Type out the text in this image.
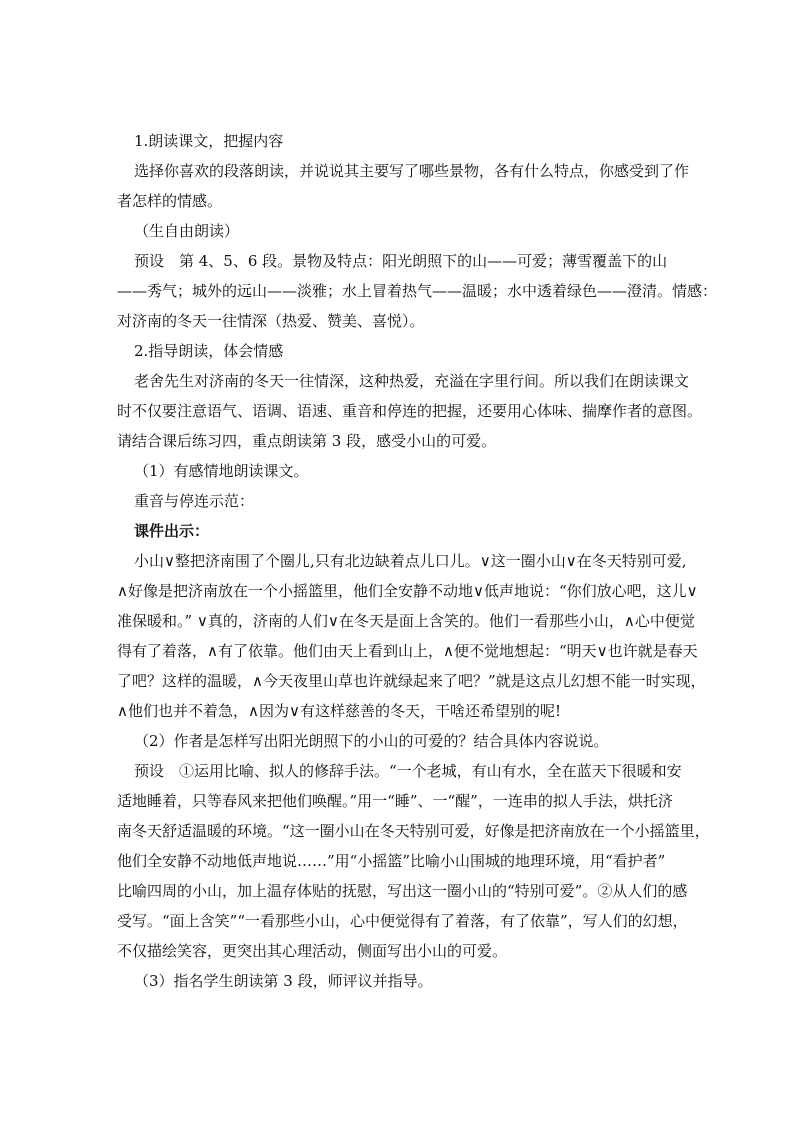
1.朗读课文，把握内容
选择你喜欢的段落朗读，并说说其主要写了哪些景物，各有什么特点，你感受到了作
者怎样的情感。
（生自由朗读）
预设　第 4、5、6 段。景物及特点：阳光朗照下的山——可爱；薄雪覆盖下的山
——秀气；城外的远山——淡雅；水上冒着热气——温暖；水中透着绿色——澄清。情感：
对济南的冬天一往情深（热爱、赞美、喜悦）。
2.指导朗读，体会情感
老舍先生对济南的冬天一往情深，这种热爱，充溢在字里行间。所以我们在朗读课文
时不仅要注意语气、语调、语速、重音和停连的把握，还要用心体味、揣摩作者的意图。
请结合课后练习四，重点朗读第 3 段，感受小山的可爱。
（1）有感情地朗读课文。
重音与停连示范：
课件出示：
小山∨整把济南围了个圈儿,只有北边缺着点儿口儿。∨这一圈小山∨在冬天特别可爱,
∧好像是把济南放在一个小摇篮里，他们全安静不动地∨低声地说：“你们放心吧，这儿∨
准保暖和。” ∨真的，济南的人们∨在冬天是面上含笑的。他们一看那些小山，∧心中便觉
得有了着落，∧有了依靠。他们由天上看到山上，∧便不觉地想起：“明天∨也许就是春天
了吧？这样的温暖，∧今天夜里山草也许就绿起来了吧？”就是这点儿幻想不能一时实现，
∧他们也并不着急，∧因为∨有这样慈善的冬天，干啥还希望别的呢!
（2）作者是怎样写出阳光朗照下的小山的可爱的？结合具体内容说说。
预设　①运用比喻、拟人的修辞手法。“一个老城，有山有水，全在蓝天下很暖和安
适地睡着，只等春风来把他们唤醒。”用一“睡”、一“醒”，一连串的拟人手法，烘托济
南冬天舒适温暖的环境。“这一圈小山在冬天特别可爱，好像是把济南放在一个小摇篮里，
他们全安静不动地低声地说……”用“小摇篮”比喻小山围城的地理环境，用“看护者”
比喻四周的小山，加上温存体贴的抚慰，写出这一圈小山的“特别可爱”。②从人们的感
受写。“面上含笑”“一看那些小山，心中便觉得有了着落，有了依靠”，写人们的幻想，
不仅描绘笑容，更突出其心理活动，侧面写出小山的可爱。
（3）指名学生朗读第 3 段，师评议并指导。
